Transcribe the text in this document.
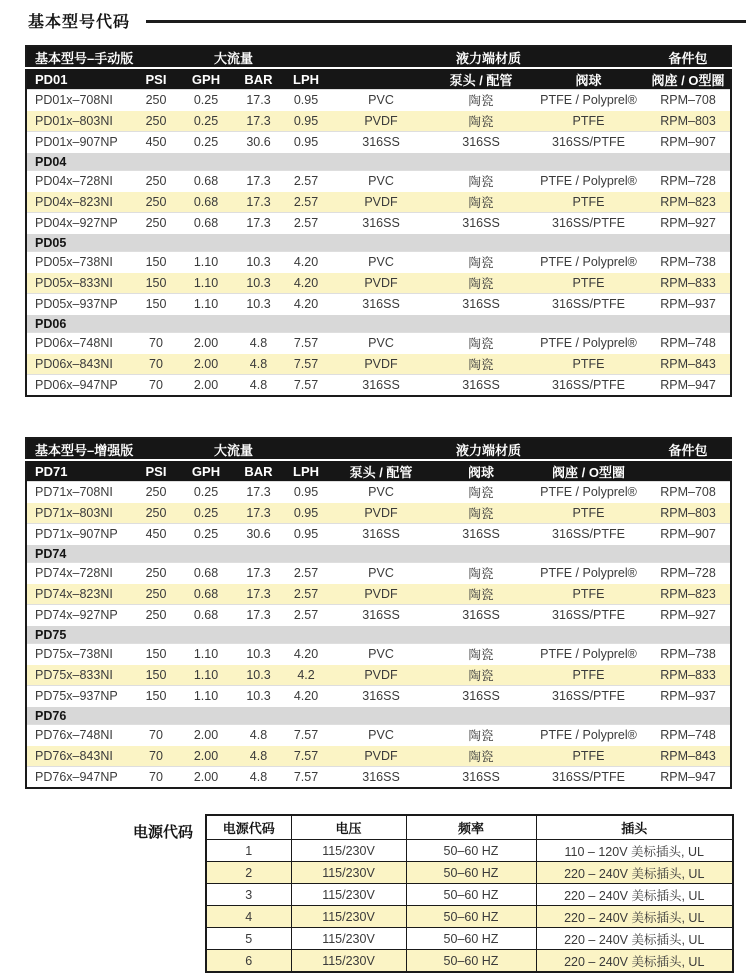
基本型号代码
基本型号–手动版	大流量				液力端材质			备件包
PD01	PSI	GPH	BAR	LPH		泵头 / 配管	阀球	阀座 / O型圈
PD01x–708NI	250	0.25	17.3	0.95	PVC	陶瓷	PTFE / Polyprel®	RPM–708
PD01x–803NI	250	0.25	17.3	0.95	PVDF	陶瓷	PTFE	RPM–803
PD01x–907NP	450	0.25	30.6	0.95	316SS	316SS	316SS/PTFE	RPM–907
PD04								
PD04x–728NI	250	0.68	17.3	2.57	PVC	陶瓷	PTFE / Polyprel®	RPM–728
PD04x–823NI	250	0.68	17.3	2.57	PVDF	陶瓷	PTFE	RPM–823
PD04x–927NP	250	0.68	17.3	2.57	316SS	316SS	316SS/PTFE	RPM–927
PD05								
PD05x–738NI	150	1.10	10.3	4.20	PVC	陶瓷	PTFE / Polyprel®	RPM–738
PD05x–833NI	150	1.10	10.3	4.20	PVDF	陶瓷	PTFE	RPM–833
PD05x–937NP	150	1.10	10.3	4.20	316SS	316SS	316SS/PTFE	RPM–937
PD06								
PD06x–748NI	70	2.00	4.8	7.57	PVC	陶瓷	PTFE / Polyprel®	RPM–748
PD06x–843NI	70	2.00	4.8	7.57	PVDF	陶瓷	PTFE	RPM–843
PD06x–947NP	70	2.00	4.8	7.57	316SS	316SS	316SS/PTFE	RPM–947
基本型号–增强版	大流量				液力端材质			备件包
PD71	PSI	GPH	BAR	LPH	泵头 / 配管	阀球	阀座 / O型圈	
PD71x–708NI	250	0.25	17.3	0.95	PVC	陶瓷	PTFE / Polyprel®	RPM–708
PD71x–803NI	250	0.25	17.3	0.95	PVDF	陶瓷	PTFE	RPM–803
PD71x–907NP	450	0.25	30.6	0.95	316SS	316SS	316SS/PTFE	RPM–907
PD74								
PD74x–728NI	250	0.68	17.3	2.57	PVC	陶瓷	PTFE / Polyprel®	RPM–728
PD74x–823NI	250	0.68	17.3	2.57	PVDF	陶瓷	PTFE	RPM–823
PD74x–927NP	250	0.68	17.3	2.57	316SS	316SS	316SS/PTFE	RPM–927
PD75								
PD75x–738NI	150	1.10	10.3	4.20	PVC	陶瓷	PTFE / Polyprel®	RPM–738
PD75x–833NI	150	1.10	10.3	4.2	PVDF	陶瓷	PTFE	RPM–833
PD75x–937NP	150	1.10	10.3	4.20	316SS	316SS	316SS/PTFE	RPM–937
PD76								
PD76x–748NI	70	2.00	4.8	7.57	PVC	陶瓷	PTFE / Polyprel®	RPM–748
PD76x–843NI	70	2.00	4.8	7.57	PVDF	陶瓷	PTFE	RPM–843
PD76x–947NP	70	2.00	4.8	7.57	316SS	316SS	316SS/PTFE	RPM–947
电源代码	电源代码	电压	频率	插头
1	115/230V	50–60 HZ	110 – 120V 美标插头, UL
2	115/230V	50–60 HZ	220 – 240V 美标插头, UL
3	115/230V	50–60 HZ	220 – 240V 美标插头, UL
4	115/230V	50–60 HZ	220 – 240V 美标插头, UL
5	115/230V	50–60 HZ	220 – 240V 美标插头, UL
6	115/230V	50–60 HZ	220 – 240V 美标插头, UL
